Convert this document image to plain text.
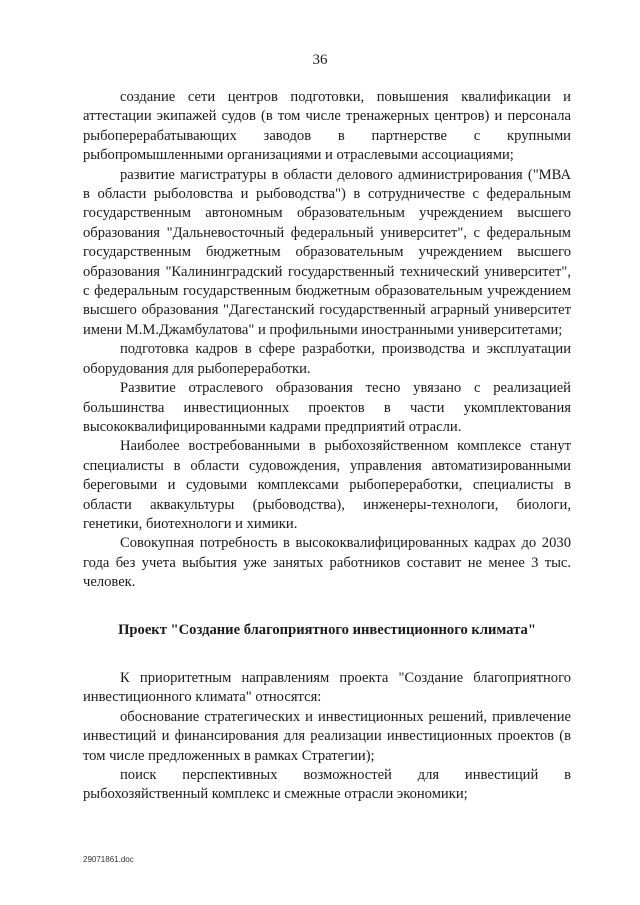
36

создание сети центров подготовки, повышения квалификации и аттестации экипажей судов (в том числе тренажерных центров) и персонала рыбоперерабатывающих заводов в партнерстве с крупными рыбопромышленными организациями и отраслевыми ассоциациями;

развитие магистратуры в области делового администрирования ("МВА в области рыболовства и рыбоводства") в сотрудничестве с федеральным государственным автономным образовательным учреждением высшего образования "Дальневосточный федеральный университет", с федеральным государственным бюджетным образовательным учреждением высшего образования "Калининградский государственный технический университет", с федеральным государственным бюджетным образовательным учреждением высшего образования "Дагестанский государственный аграрный университет имени М.М.Джамбулатова" и профильными иностранными университетами;

подготовка кадров в сфере разработки, производства и эксплуатации оборудования для рыбопереработки.

Развитие отраслевого образования тесно увязано с реализацией большинства инвестиционных проектов в части укомплектования высококвалифицированными кадрами предприятий отрасли.

Наиболее востребованными в рыбохозяйственном комплексе станут специалисты в области судовождения, управления автоматизированными береговыми и судовыми комплексами рыбопереработки, специалисты в области аквакультуры (рыбоводства), инженеры-технологи, биологи, генетики, биотехнологи и химики.

Совокупная потребность в высококвалифицированных кадрах до 2030 года без учета выбытия уже занятых работников составит не менее 3 тыс. человек.

Проект "Создание благоприятного инвестиционного климата"

К приоритетным направлениям проекта "Создание благоприятного инвестиционного климата" относятся:

обоснование стратегических и инвестиционных решений, привлечение инвестиций и финансирования для реализации инвестиционных проектов (в том числе предложенных в рамках Стратегии);

поиск перспективных возможностей для инвестиций в рыбохозяйственный комплекс и смежные отрасли экономики;

29071861.doc
